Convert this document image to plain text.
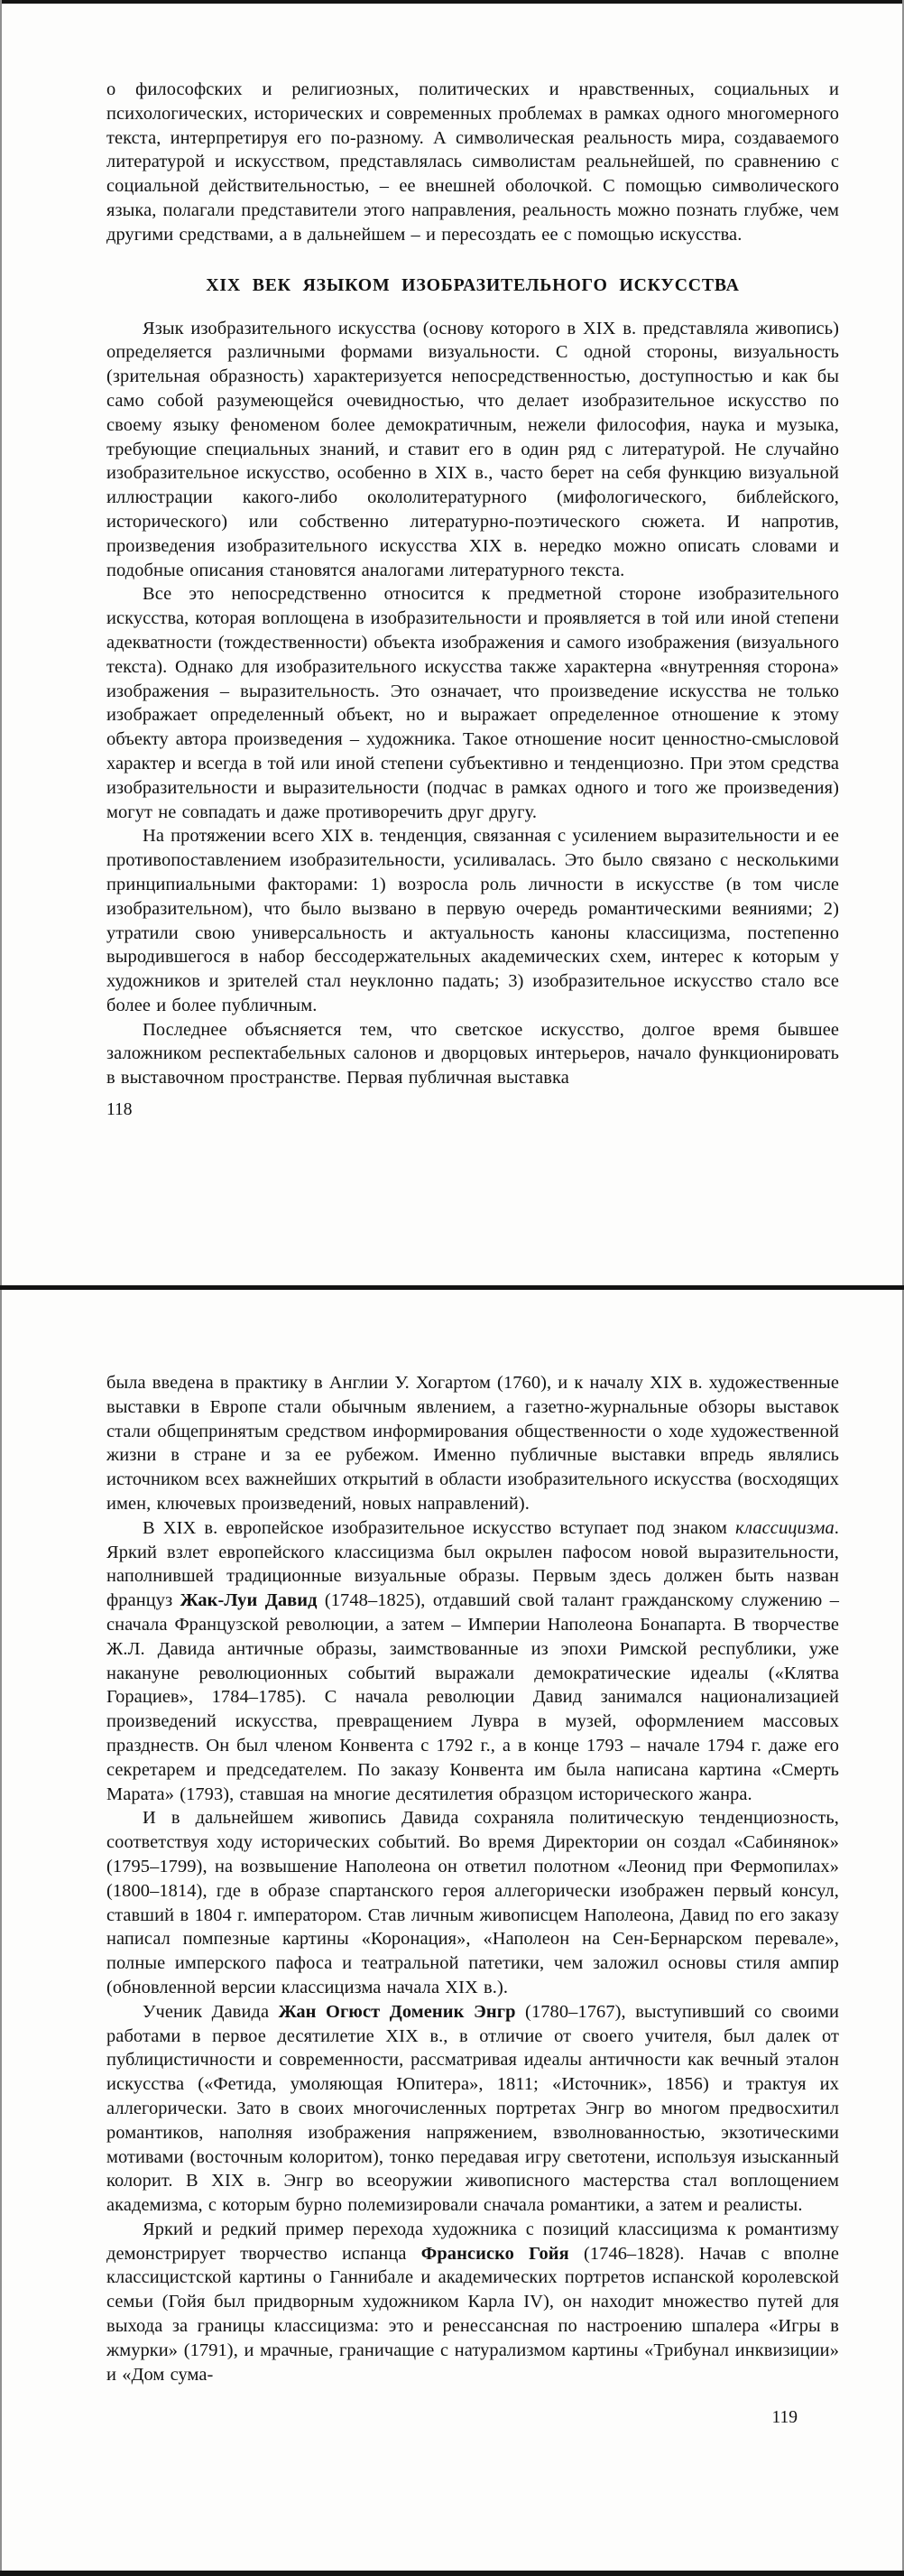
о философских и религиозных, политических и нравственных, социальных и психологических, исторических и современных проблемах в рамках одного многомерного текста, интерпретируя его по-разному. А символическая реальность мира, создаваемого литературой и искусством, представлялась символистам реальнейшей, по сравнению с социальной действительностью, – ее внешней оболочкой. С помощью символического языка, полагали представители этого направления, реальность можно познать глубже, чем другими средствами, а в дальнейшем – и пересоздать ее с помощью искусства.

XIX ВЕК ЯЗЫКОМ ИЗОБРАЗИТЕЛЬНОГО ИСКУССТВА

Язык изобразительного искусства (основу которого в XIX в. представляла живопись) определяется различными формами визуальности. С одной стороны, визуальность (зрительная образность) характеризуется непосредственностью, доступностью и как бы само собой разумеющейся очевидностью, что делает изобразительное искусство по своему языку феноменом более демократичным, нежели философия, наука и музыка, требующие специальных знаний, и ставит его в один ряд с литературой. Не случайно изобразительное искусство, особенно в XIX в., часто берет на себя функцию визуальной иллюстрации какого-либо окололитературного (мифологического, библейского, исторического) или собственно литературно-поэтического сюжета. И напротив, произведения изобразительного искусства XIX в. нередко можно описать словами и подобные описания становятся аналогами литературного текста.

Все это непосредственно относится к предметной стороне изобразительного искусства, которая воплощена в изобразительности и проявляется в той или иной степени адекватности (тождественности) объекта изображения и самого изображения (визуального текста). Однако для изобразительного искусства также характерна «внутренняя сторона» изображения – выразительность. Это означает, что произведение искусства не только изображает определенный объект, но и выражает определенное отношение к этому объекту автора произведения – художника. Такое отношение носит ценностно-смысловой характер и всегда в той или иной степени субъективно и тенденциозно. При этом средства изобразительности и выразительности (подчас в рамках одного и того же произведения) могут не совпадать и даже противоречить друг другу.

На протяжении всего XIX в. тенденция, связанная с усилением выразительности и ее противопоставлением изобразительности, усиливалась. Это было связано с несколькими принципиальными факторами: 1) возросла роль личности в искусстве (в том числе изобразительном), что было вызвано в первую очередь романтическими веяниями; 2) утратили свою универсальность и актуальность каноны классицизма, постепенно выродившегося в набор бессодержательных академических схем, интерес к которым у художников и зрителей стал неуклонно падать; 3) изобразительное искусство стало все более и более публичным.

Последнее объясняется тем, что светское искусство, долгое время бывшее заложником респектабельных салонов и дворцовых интерьеров, начало функционировать в выставочном пространстве. Первая публичная выставка

118

была введена в практику в Англии У. Хогартом (1760), и к началу XIX в. художественные выставки в Европе стали обычным явлением, а газетно-журнальные обзоры выставок стали общепринятым средством информирования общественности о ходе художественной жизни в стране и за ее рубежом. Именно публичные выставки впредь являлись источником всех важнейших открытий в области изобразительного искусства (восходящих имен, ключевых произведений, новых направлений).

В XIX в. европейское изобразительное искусство вступает под знаком классицизма. Яркий взлет европейского классицизма был окрылен пафосом новой выразительности, наполнившей традиционные визуальные образы. Первым здесь должен быть назван француз Жак-Луи Давид (1748–1825), отдавший свой талант гражданскому служению – сначала Французской революции, а затем – Империи Наполеона Бонапарта. В творчестве Ж.Л. Давида античные образы, заимствованные из эпохи Римской республики, уже накануне революционных событий выражали демократические идеалы («Клятва Горациев», 1784–1785). С начала революции Давид занимался национализацией произведений искусства, превращением Лувра в музей, оформлением массовых празднеств. Он был членом Конвента с 1792 г., а в конце 1793 – начале 1794 г. даже его секретарем и председателем. По заказу Конвента им была написана картина «Смерть Марата» (1793), ставшая на многие десятилетия образцом исторического жанра.

И в дальнейшем живопись Давида сохраняла политическую тенденциозность, соответствуя ходу исторических событий. Во время Директории он создал «Сабинянок» (1795–1799), на возвышение Наполеона он ответил полотном «Леонид при Фермопилах» (1800–1814), где в образе спартанского героя аллегорически изображен первый консул, ставший в 1804 г. императором. Став личным живописцем Наполеона, Давид по его заказу написал помпезные картины «Коронация», «Наполеон на Сен-Бернарском перевале», полные имперского пафоса и театральной патетики, чем заложил основы стиля ампир (обновленной версии классицизма начала XIX в.).

Ученик Давида Жан Огюст Доменик Энгр (1780–1767), выступивший со своими работами в первое десятилетие XIX в., в отличие от своего учителя, был далек от публицистичности и современности, рассматривая идеалы античности как вечный эталон искусства («Фетида, умоляющая Юпитера», 1811; «Источник», 1856) и трактуя их аллегорически. Зато в своих многочисленных портретах Энгр во многом предвосхитил романтиков, наполняя изображения напряжением, взволнованностью, экзотическими мотивами (восточным колоритом), тонко передавая игру светотени, используя изысканный колорит. В XIX в. Энгр во всеоружии живописного мастерства стал воплощением академизма, с которым бурно полемизировали сначала романтики, а затем и реалисты.

Яркий и редкий пример перехода художника с позиций классицизма к романтизму демонстрирует творчество испанца Франсиско Гойя (1746–1828). Начав с вполне классицистской картины о Ганнибале и академических портретов испанской королевской семьи (Гойя был придворным художником Карла IV), он находит множество путей для выхода за границы классицизма: это и ренессансная по настроению шпалера «Игры в жмурки» (1791), и мрачные, граничащие с натурализмом картины «Трибунал инквизиции» и «Дом сума-

119
